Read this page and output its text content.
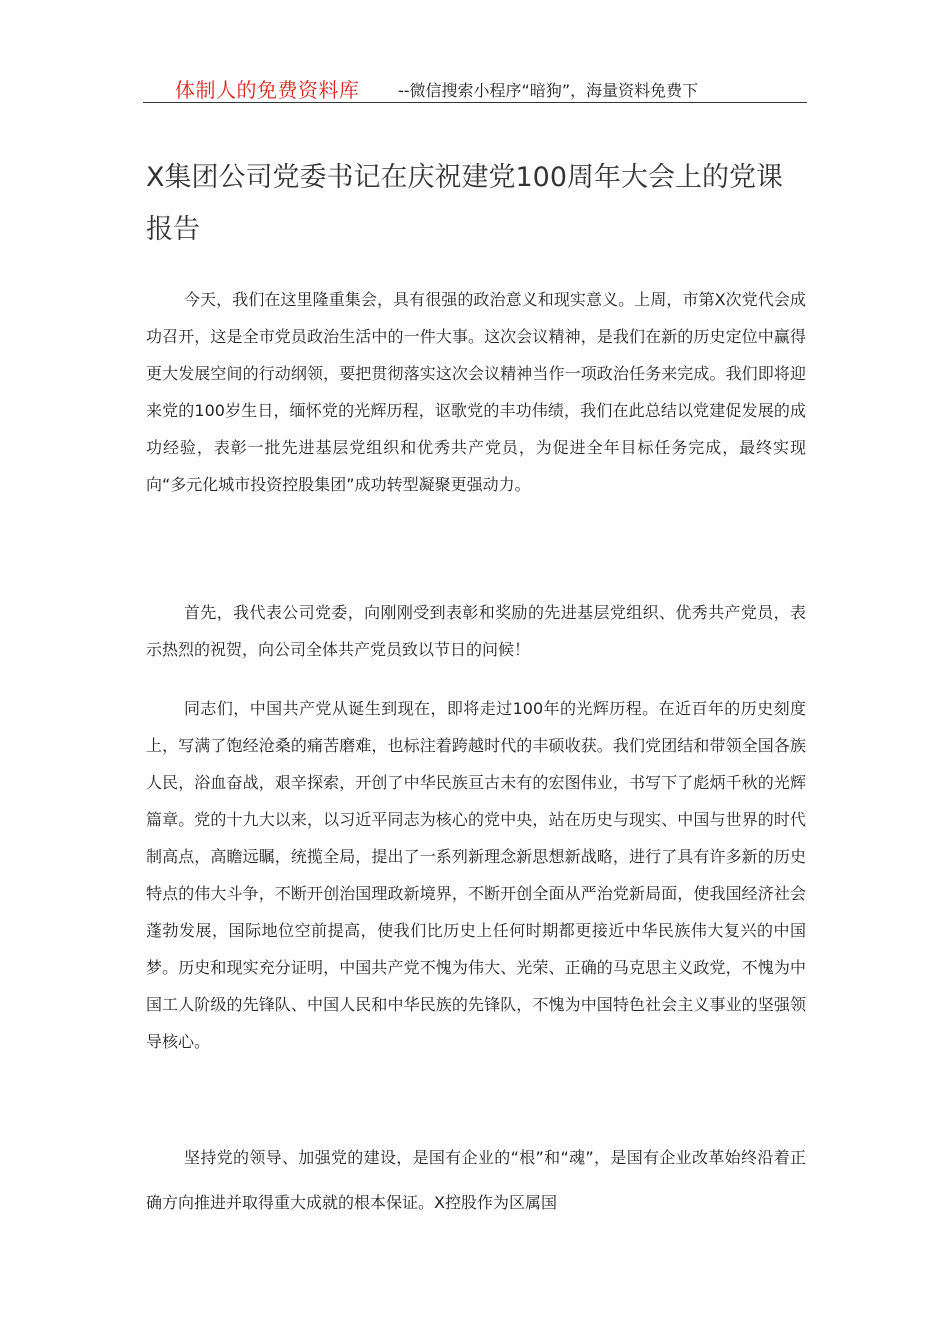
体制人的免费资料库 --微信搜索小程序“暗狗”，海量资料免费下
X集团公司党委书记在庆祝建党100周年大会上的党课报告

今天，我们在这里隆重集会，具有很强的政治意义和现实意义。上周，市第X次党代会成功召开，这是全市党员政治生活中的一件大事。这次会议精神，是我们在新的历史定位中赢得更大发展空间的行动纲领，要把贯彻落实这次会议精神当作一项政治任务来完成。我们即将迎来党的100岁生日，缅怀党的光辉历程，讴歌党的丰功伟绩，我们在此总结以党建促发展的成功经验，表彰一批先进基层党组织和优秀共产党员，为促进全年目标任务完成，最终实现向“多元化城市投资控股集团”成功转型凝聚更强动力。

首先，我代表公司党委，向刚刚受到表彰和奖励的先进基层党组织、优秀共产党员，表示热烈的祝贺，向公司全体共产党员致以节日的问候！

同志们，中国共产党从诞生到现在，即将走过100年的光辉历程。在近百年的历史刻度上，写满了饱经沧桑的痛苦磨难，也标注着跨越时代的丰硕收获。我们党团结和带领全国各族人民，浴血奋战，艰辛探索，开创了中华民族亘古未有的宏图伟业，书写下了彪炳千秋的光辉篇章。党的十九大以来，以习近平同志为核心的党中央，站在历史与现实、中国与世界的时代制高点，高瞻远瞩，统揽全局，提出了一系列新理念新思想新战略，进行了具有许多新的历史特点的伟大斗争，不断开创治国理政新境界，不断开创全面从严治党新局面，使我国经济社会蓬勃发展，国际地位空前提高，使我们比历史上任何时期都更接近中华民族伟大复兴的中国梦。历史和现实充分证明，中国共产党不愧为伟大、光荣、正确的马克思主义政党，不愧为中国工人阶级的先锋队、中国人民和中华民族的先锋队，不愧为中国特色社会主义事业的坚强领导核心。

坚持党的领导、加强党的建设，是国有企业的“根”和“魂”，是国有企业改革始终沿着正确方向推进并取得重大成就的根本保证。X控股作为区属国
